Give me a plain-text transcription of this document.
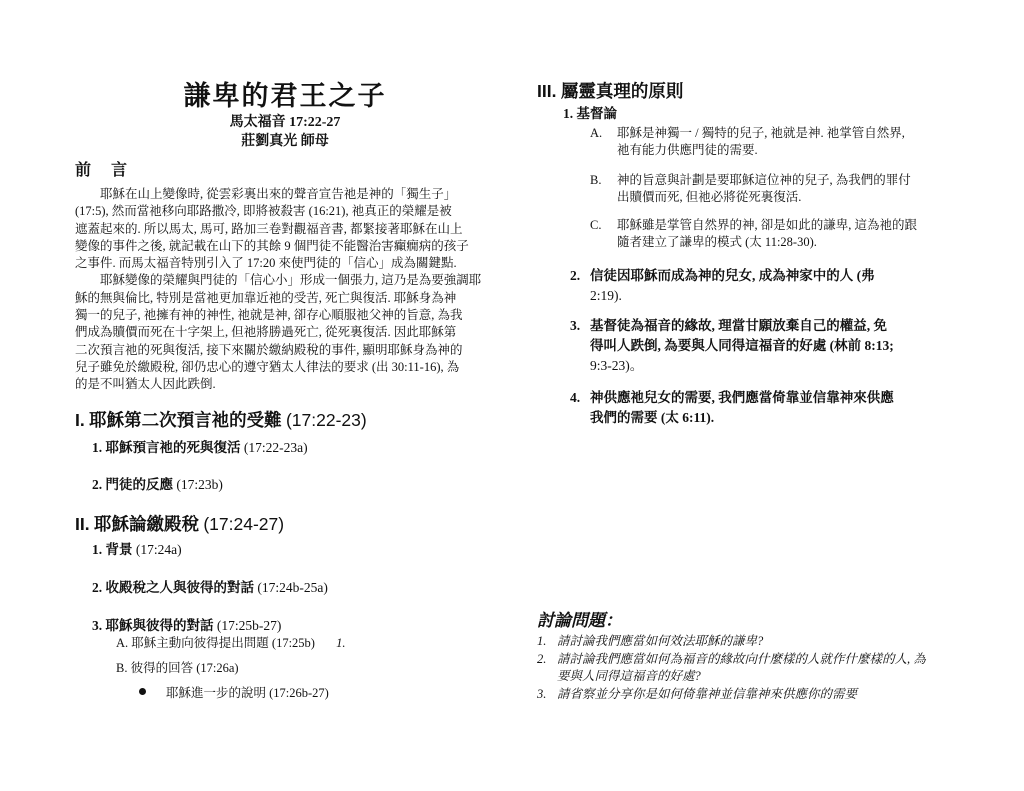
謙卑的君王之子
馬太福音 17:22-27
莊劉真光 師母
前 言
　　耶穌在山上變像時, 從雲彩裏出來的聲音宣告祂是神的「獨生子」
(17:5), 然而當祂移向耶路撒冷, 即將被殺害 (16:21), 祂真正的榮耀是被
遮蓋起來的. 所以馬太, 馬可, 路加三卷對觀福音書, 都緊接著耶穌在山上
變像的事件之後, 就記載在山下的其餘 9 個門徒不能醫治害癲癇病的孩子
之事件. 而馬太福音特別引入了 17:20 來使門徒的「信心」成為關鍵點.
　　耶穌變像的榮耀與門徒的「信心小」形成一個張力, 這乃是為要強調耶
穌的無與倫比, 特別是當祂更加靠近祂的受苦, 死亡與復活. 耶穌身為神
獨一的兒子, 祂擁有神的神性, 祂就是神, 卻存心順服祂父神的旨意, 為我
們成為贖價而死在十字架上, 但祂將勝過死亡, 從死裏復活. 因此耶穌第
二次預言祂的死與復活, 接下來關於繳納殿稅的事件, 顯明耶穌身為神的
兒子雖免於繳殿稅, 卻仍忠心的遵守猶太人律法的要求 (出 30:11-16), 為
的是不叫猶太人因此跌倒.
I. 耶穌第二次預言祂的受難 (17:22-23)
1. 耶穌預言祂的死與復活 (17:22-23a)
2. 門徒的反應 (17:23b)
II. 耶穌論繳殿稅 (17:24-27)
1. 背景 (17:24a)
2. 收殿稅之人與彼得的對話 (17:24b-25a)
3. 耶穌與彼得的對話 (17:25b-27)
A. 耶穌主動向彼得提出問題 (17:25b) 1.
B. 彼得的回答 (17:26a)
耶穌進一步的說明 (17:26b-27)
III. 屬靈真理的原則
1. 基督論
A. 耶穌是神獨一 / 獨特的兒子, 祂就是神. 祂掌管自然界,
祂有能力供應門徒的需要.
B. 神的旨意與計劃是要耶穌這位神的兒子, 為我們的罪付
出贖價而死, 但祂必將從死裏復活.
C. 耶穌雖是掌管自然界的神, 卻是如此的謙卑, 這為祂的跟
隨者建立了謙卑的模式 (太 11:28-30).
2. 信徒因耶穌而成為神的兒女, 成為神家中的人 (弗
2:19).
3. 基督徒為福音的緣故, 理當甘願放棄自己的權益, 免
得叫人跌倒, 為要與人同得這福音的好處 (林前 8:13;
9:3-23)。
4. 神供應祂兒女的需要, 我們應當倚靠並信靠神來供應
我們的需要 (太 6:11).
討論問題：
1. 請討論我們應當如何效法耶穌的謙卑?
2. 請討論我們應當如何為福音的緣故向什麼樣的人就作什麼樣的人, 為
要與人同得這福音的好處?
3. 請省察並分享你是如何倚靠神並信靠神來供應你的需要
